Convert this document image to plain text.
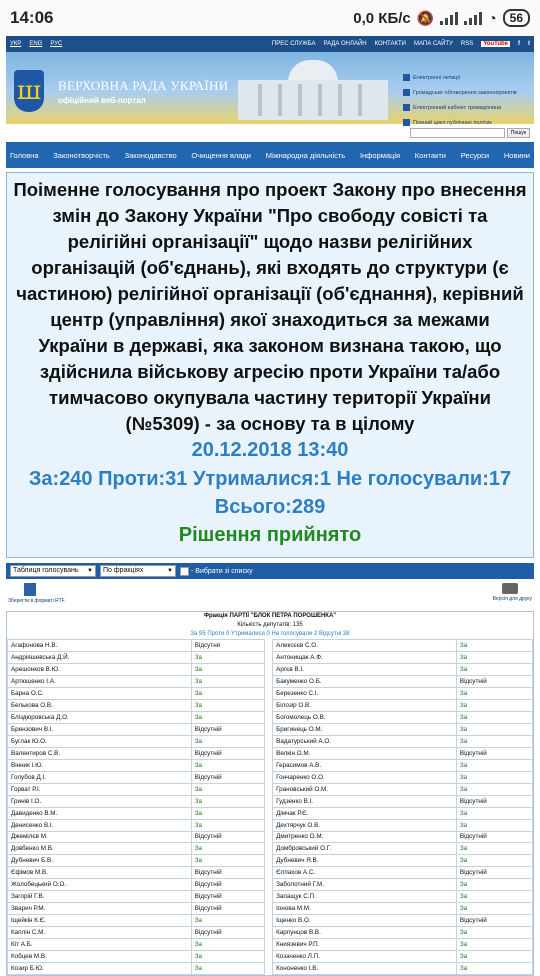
14:06	0,0 КБ/с 🔕	◔	56
УКР ENG РУС	ПРЕС СЛУЖБА РАДА ОНЛАЙН КОНТАКТИ МАПА САЙТУ RSS	YouTube	f t
ш ВЕРХОВНА РАДА УКРАЇНИ
офіційний веб-портал
Електронні петиції
Громадське обговорення законопроектів
Електронний кабінет громадянина
Повний цикл публічних політик
Пошук
Головна Законотворчість Законодавство Очищення влади Міжнародна діяльність Інформація Контакти Ресурси Новини
Поіменне голосування про проект Закону про внесення змін до Закону України "Про свободу совісті та релігійні організації" щодо назви релігійних організацій (об'єднань), які входять до структури (є частиною) релігійної організації (об'єднання), керівний центр (управління) якої знаходиться за межами України в державі, яка законом визнана такою, що здійснила військову агресію проти України та/або тимчасово окупувала частину території України (№5309) - за основу та в цілому
20.12.2018 13:40
За:240 Проти:31 Утрималися:1 Не голосували:17
Всього:289
Рішення прийнято
Таблиця голосувань	▼ По фракціях	▼	- Вибрати зі списку

Зберегти в форматі RTF	Версія для друку
Фракція ПАРТІЇ "БЛОК ПЕТРА ПОРОШЕНКА"
Кількість депутатів: 135
За 95 Проти 0 Утрималися 0 Не голосували 2 Відсутні 38
Агафонова Н.В.	Відсутня		Алексєєв С.О.	За
Андріяшевська Д.Й.	За		Антонищак А.Ф.	За
Арешонков В.Ю.	За		Аргєв В.І.	За
Артюшенко І.А.	За		Бакуменко О.Б.	Відсутній
Барна О.С.	За		Березенко С.І.	За
Белькова О.В.	За		Білозір О.В.	За
Бліздюровська Д.О.	За		Богомолець О.В.	За
Брензович В.І.	Відсутній		Бригинець О.М.	За
Буглак Ю.О.	За		Вадатурський А.О.	За
Валентиров С.В.	Відсутній		Велкін О.М.	Відсутній
Вінник І.Ю.	За		Герасимов А.В.	За
Голубов Д.І.	Відсутній		Гончаренко О.О.	За
Горват Р.І.	За		Грановський О.М.	За
Гринів І.О.	За		Гудзенко В.І.	Відсутній
Давиденко В.М.	За		Дімчак Р.Є.	За
Денисенко В.І.	За		Дехтярчук О.В.	За
Джемілєв М.	Відсутній		Дмитренко О.М.	Відсутній
Довбенко М.В.	За		Домбровський О.Г.	За
Дубневич Б.В.	За		Дубневич Я.В.	За
Єфімов М.В.	Відсутній		Єлпахов А.С.	Відсутній
Жолобецький О.О.	Відсутній		Заболотний Г.М.	За
Загорій Г.В.	Відсутній		Запащук С.П.	За
Зварич Р.М.	Відсутній		Іонова М.М.	За
Іщейкін К.Є.	За		Іщенко В.О.	Відсутній
Каплін С.М.	Відсутній		Карпунцов В.В.	За
Кіт А.Б.	За		Книязевич Р.П.	За
Кобцев М.В.	За		Козаченко Л.П.	За
Козир Б.Ю.	За		Кононенко І.В.	За
